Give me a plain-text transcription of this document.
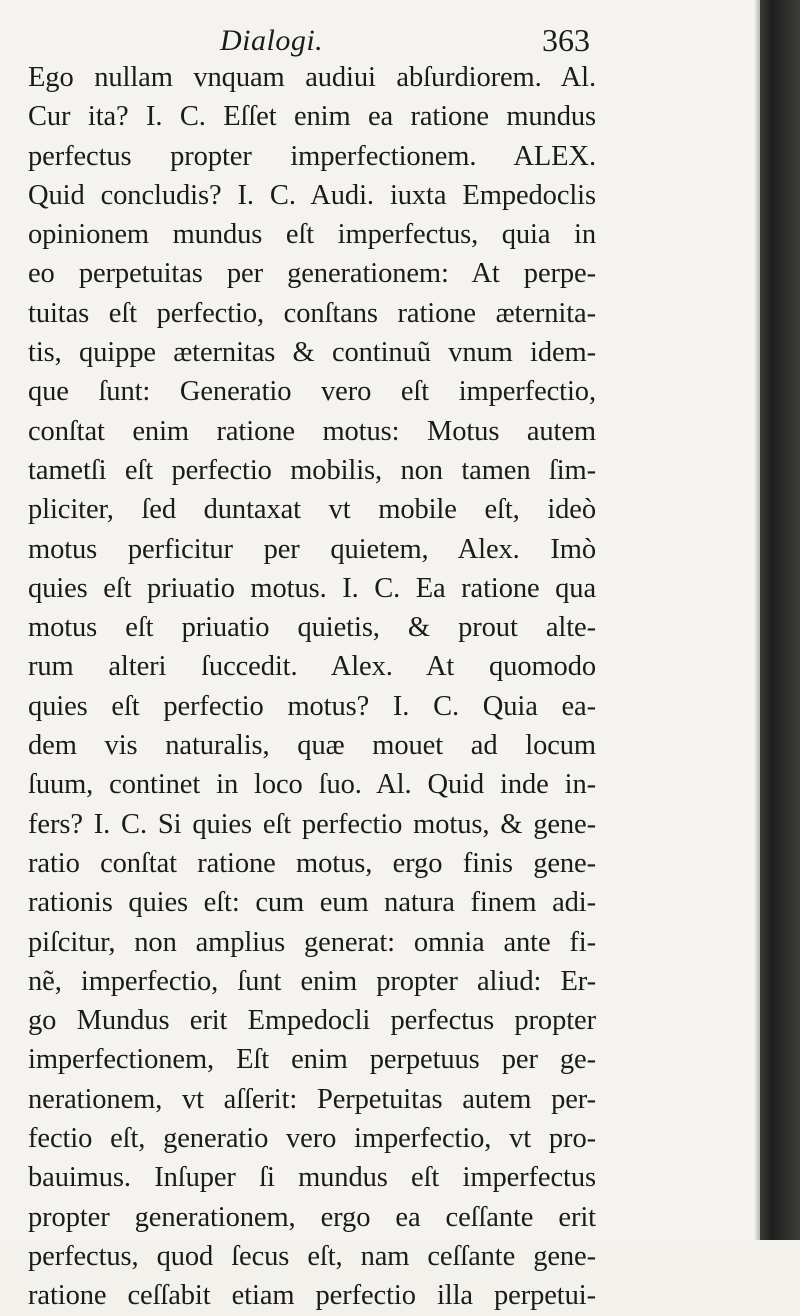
Dialogi.	363
Ego nullam vnquam audiui abſurdiorem. Al.
Cur ita? I. C. Eſſet enim ea ratione mundus
perfectus propter imperfectionem. ALEX.
Quid concludis? I. C. Audi. iuxta Empedoclis
opinionem mundus eſt imperfectus, quia in
eo perpetuitas per generationem: At perpe-
tuitas eſt perfectio, conſtans ratione æternita-
tis, quippe æternitas & continuũ vnum idem-
que ſunt: Generatio vero eſt imperfectio,
conſtat enim ratione motus: Motus autem
tametſi eſt perfectio mobilis, non tamen ſim-
pliciter, ſed duntaxat vt mobile eſt, ideò
motus perficitur per quietem, Alex. Imò
quies eſt priuatio motus. I. C. Ea ratione qua
motus eſt priuatio quietis, & prout alte-
rum alteri ſuccedit. Alex. At quomodo
quies eſt perfectio motus? I. C. Quia ea-
dem vis naturalis, quæ mouet ad locum
ſuum, continet in loco ſuo. Al. Quid inde in-
fers? I. C. Si quies eſt perfectio motus, & gene-
ratio conſtat ratione motus, ergo finis gene-
rationis quies eſt: cum eum natura finem adi-
piſcitur, non amplius generat: omnia ante fi-
nẽ, imperfectio, ſunt enim propter aliud: Er-
go Mundus erit Empedocli perfectus propter
imperfectionem, Eſt enim perpetuus per ge-
nerationem, vt aſſerit: Perpetuitas autem per-
fectio eſt, generatio vero imperfectio, vt pro-
bauimus. Inſuper ſi mundus eſt imperfectus
propter generationem, ergo ea ceſſante erit
perfectus, quod ſecus eſt, nam ceſſante gene-
ratione ceſſabit etiam perfectio illa perpetui-
